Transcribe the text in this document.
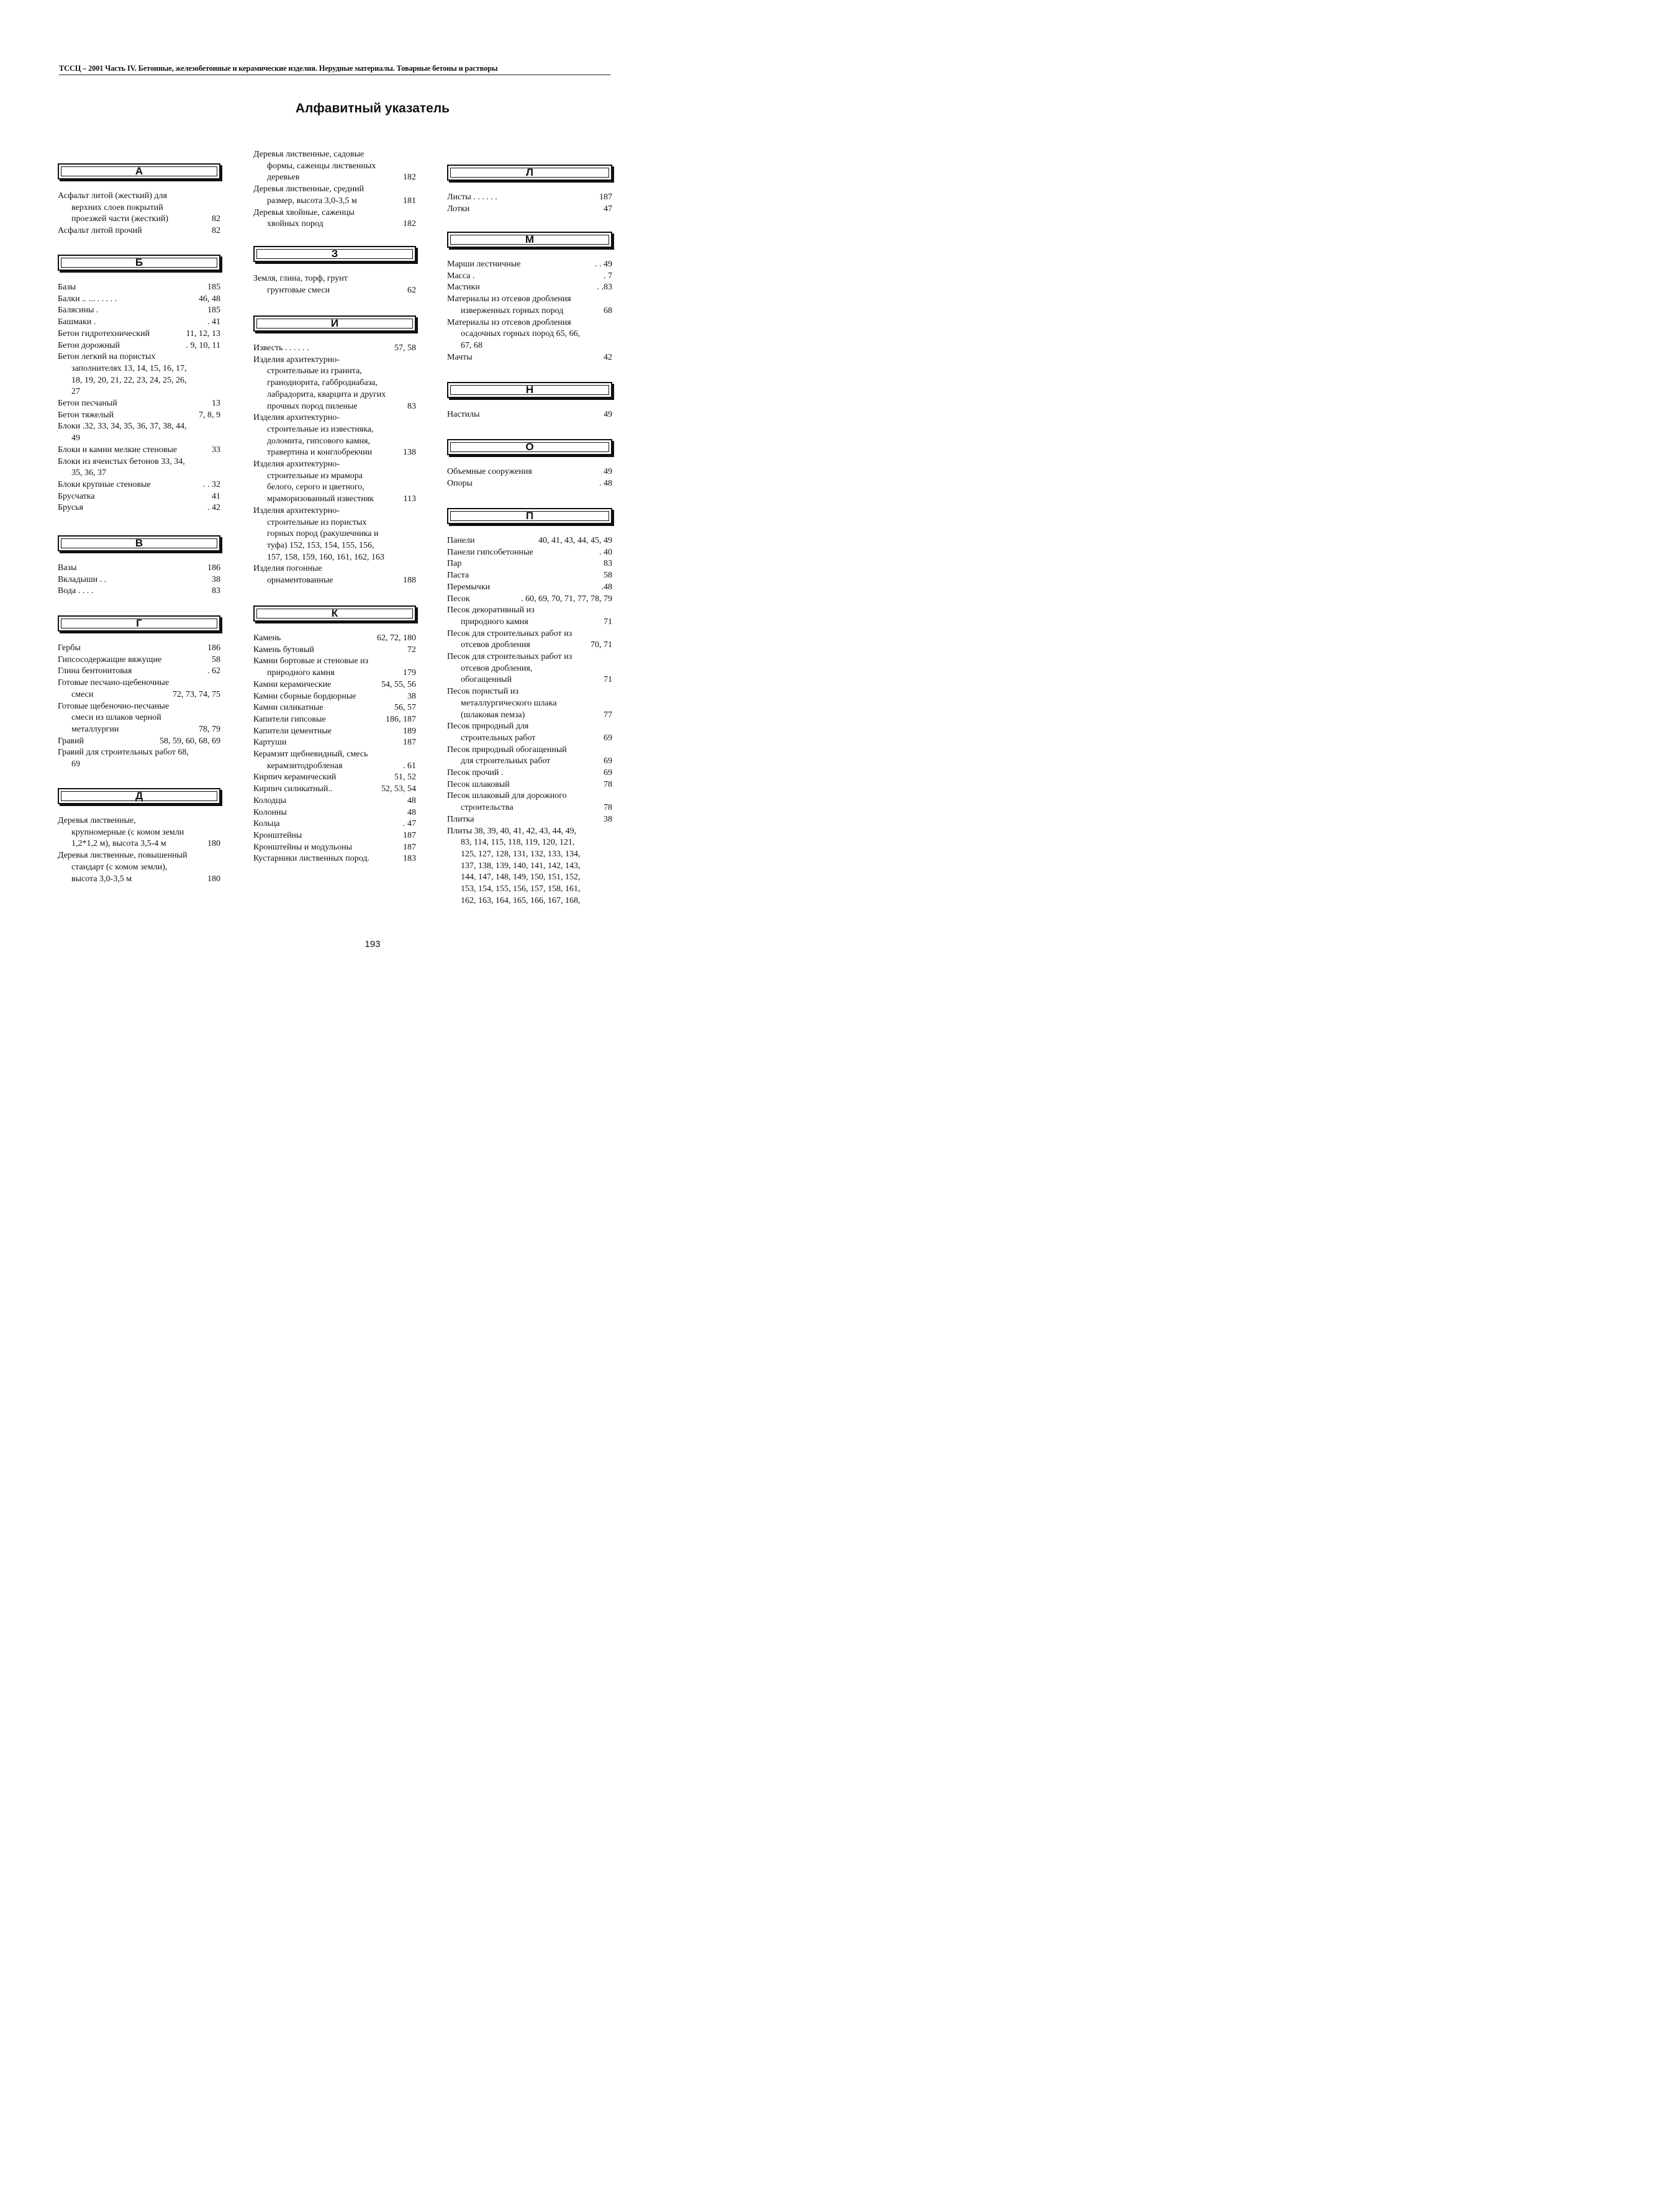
ТССЦ – 2001 Часть IV. Бетонные, железобетонные и керамические изделия. Нерудные материалы. Товарные бетоны и растворы
Алфавитный указатель
А
Асфальт литой (жесткий) для
верхних слоев покрытий
проезжей части (жесткий)	82
Асфальт литой прочий	82
Б
Базы	185
Балки .. ... . . . . .	46, 48
Балясины .	185
Башмаки .	. 41
Бетон гидротехнический	11, 12, 13
Бетон дорожный	. 9, 10, 11
Бетон легкий на пористых
заполнителях 13, 14, 15, 16, 17,
18, 19, 20, 21, 22, 23, 24, 25, 26,
27
Бетон песчаный	13
Бетон тяжелый	7, 8, 9
Блоки .32, 33, 34, 35, 36, 37, 38, 44,
49
Блоки и камни мелкие стеновые	33
Блоки из ячеистых бетонов 33, 34,
35, 36, 37
Блоки крупные стеновые	. . 32
Брусчатка	41
Брусья	. 42
В
Вазы	186
Вкладыши . .	38
Вода . . . .	83
Г
Гербы	186
Гипсосодержащие вяжущие	58
Глина бентонитовая	. 62
Готовые песчано-щебеночные
смеси	72, 73, 74, 75
Готовые щебеночно-песчаные
смеси из шлаков черной
металлургии	78, 79
Гравий	58, 59, 60, 68, 69
Гравий для строительных работ 68,
69
Д
Деревья лиственные,
крупномерные (с комом земли
1,2*1,2 м), высота 3,5-4 м	180
Деревья лиственные, повышенный
стандарт (с комом земли),
высота 3,0-3,5 м	180
Деревья лиственные, садовые
формы, саженцы лиственных
деревьев	182
Деревья лиственные, средний
размер, высота 3,0-3,5 м	181
Деревья хвойные, саженцы
хвойных пород	182
З
Земля, глина, торф, грунт
грунтовые смеси	62
И
Известь . . . . . .	57, 58
Изделия архитектурно-
строительные из гранита,
гранодиорита, габбродиабаза,
лабрадорита, кварцита и других
прочных пород пиленые	83
Изделия архитектурно-
строительные из известняка,
доломита, гипсового камня,
травертина и конглобрекчии	138
Изделия архитектурно-
строительные из мрамора
белого, серого и цветного,
мраморизованный известняк	113
Изделия архитектурно-
строительные из пористых
горных пород (ракушечника и
туфа) 152, 153, 154, 155, 156,
157, 158, 159, 160, 161, 162, 163
Изделия погонные
орнаментованные	188
К
Камень	62, 72, 180
Камень бутовый	72
Камни бортовые и стеновые из
природного камня	179
Камни керамические	54, 55, 56
Камни сборные бордюрные	38
Камни силикатные	56, 57
Капители гипсовые	186, 187
Капители цементные	189
Картуши	187
Керамзит щебневидный, смесь
керамзитодробленая	. 61
Кирпич керамический	51, 52
Кирпич силикатный..	52, 53, 54
Колодцы	48
Колонны	48
Кольца	. 47
Кронштейны	187
Кронштейны и модульоны	187
Кустарники лиственных пород.	183
Л
Листы . . . . . .	187
Лотки	47
М
Марши лестничные	. . 49
Масса .	. 7
Мастики	. .83
Материалы из отсевов дробления
изверженных горных пород	68
Материалы из отсевов дробления
осадочных горных пород 65, 66,
67, 68
Мачты	42
Н
Настилы	49
О
Объемные сооружения	49
Опоры	. 48
П
Панели	40, 41, 43, 44, 45, 49
Панели гипсобетонные	. 40
Пар	83
Паста	58
Перемычки	.48
Песок	. 60, 69, 70, 71, 77, 78, 79
Песок декоративный из
природного камня	71
Песок для строительных работ из
отсевов дробления	70, 71
Песок для строительных работ из
отсевов дробления,
обогащенный	71
Песок пористый из
металлургического шлака
(шлаковая пемза)	77
Песок природный для
строительных работ	69
Песок природный обогащенный
для строительных работ	69
Песок прочий .	69
Песок шлаковый	78
Песок шлаковый для дорожного
строительства	78
Плитка	38
Плиты 38, 39, 40, 41, 42, 43, 44, 49,
83, 114, 115, 118, 119, 120, 121,
125, 127, 128, 131, 132, 133, 134,
137, 138, 139, 140, 141, 142, 143,
144, 147, 148, 149, 150, 151, 152,
153, 154, 155, 156, 157, 158, 161,
162, 163, 164, 165, 166, 167, 168,
193
